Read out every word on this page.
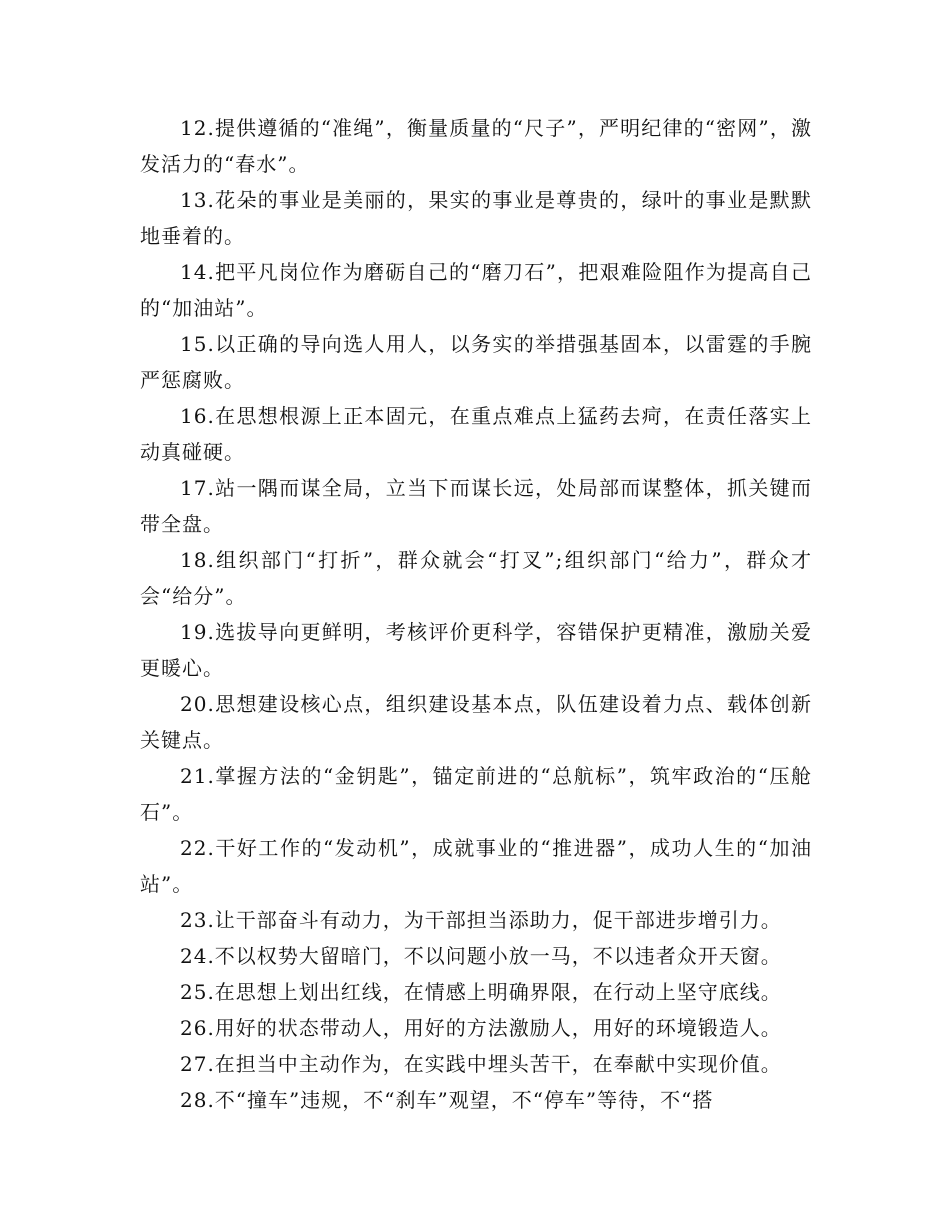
12.提供遵循的“准绳”，衡量质量的“尺子”，严明纪律的“密网”，激发活力的“春水”。

13.花朵的事业是美丽的，果实的事业是尊贵的，绿叶的事业是默默地垂着的。

14.把平凡岗位作为磨砺自己的“磨刀石”，把艰难险阻作为提高自己的“加油站”。

15.以正确的导向选人用人，以务实的举措强基固本，以雷霆的手腕严惩腐败。

16.在思想根源上正本固元，在重点难点上猛药去疴，在责任落实上动真碰硬。

17.站一隅而谋全局，立当下而谋长远，处局部而谋整体，抓关键而带全盘。

18.组织部门“打折”，群众就会“打叉”;组织部门“给力”，群众才会“给分”。

19.选拔导向更鲜明，考核评价更科学，容错保护更精准，激励关爱更暖心。

20.思想建设核心点，组织建设基本点，队伍建设着力点、载体创新关键点。

21.掌握方法的“金钥匙”，锚定前进的“总航标”，筑牢政治的“压舱石”。

22.干好工作的“发动机”，成就事业的“推进器”，成功人生的“加油站”。

23.让干部奋斗有动力，为干部担当添助力，促干部进步增引力。

24.不以权势大留暗门，不以问题小放一马，不以违者众开天窗。

25.在思想上划出红线，在情感上明确界限，在行动上坚守底线。

26.用好的状态带动人，用好的方法激励人，用好的环境锻造人。

27.在担当中主动作为，在实践中埋头苦干，在奉献中实现价值。

28.不“撞车”违规，不“刹车”观望，不“停车”等待，不“搭
